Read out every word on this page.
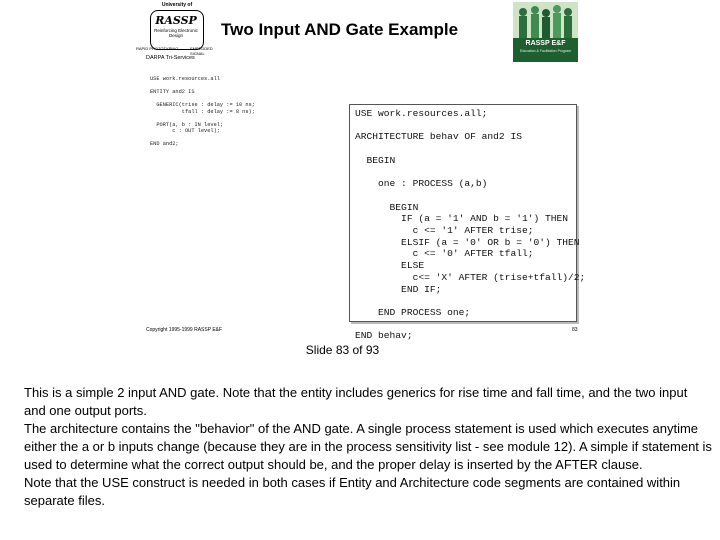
University of
RASSP
Reinforcing Electronic Design
RAPID PROTOTYPING	EMBEDDED SIGNAL
DARPA Tri-Services
Two Input AND Gate Example
RASSP E&F
Education & Facilitation Program
USE work.resources.all

ENTITY and2 IS

GENERIC(trise : delay := 10 ns;
tfall : delay := 8 ns);

PORT(a, b : IN level;
c : OUT level);

END and2;
USE work.resources.all;

ARCHITECTURE behav OF and2 IS

BEGIN

one : PROCESS (a,b)

BEGIN
IF (a = '1' AND b = '1') THEN
c <= '1' AFTER trise;
ELSIF (a = '0' OR b = '0') THEN
c <= '0' AFTER tfall;
ELSE
c<= 'X' AFTER (trise+tfall)/2;
END IF;

END PROCESS one;

END behav;
Copyright 1995-1999 RASSP E&F	83
Slide 83 of 93

This is a simple 2 input AND gate. Note that the entity includes generics for rise time and fall time, and the two input and one output ports.

The architecture contains the "behavior" of the AND gate. A single process statement is used which executes anytime either the a or b inputs change (because they are in the process sensitivity list - see module 12). A simple if statement is used to determine what the correct output should be, and the proper delay is inserted by the AFTER clause.

Note that the USE construct is needed in both cases if Entity and Architecture code segments are contained within separate files.
